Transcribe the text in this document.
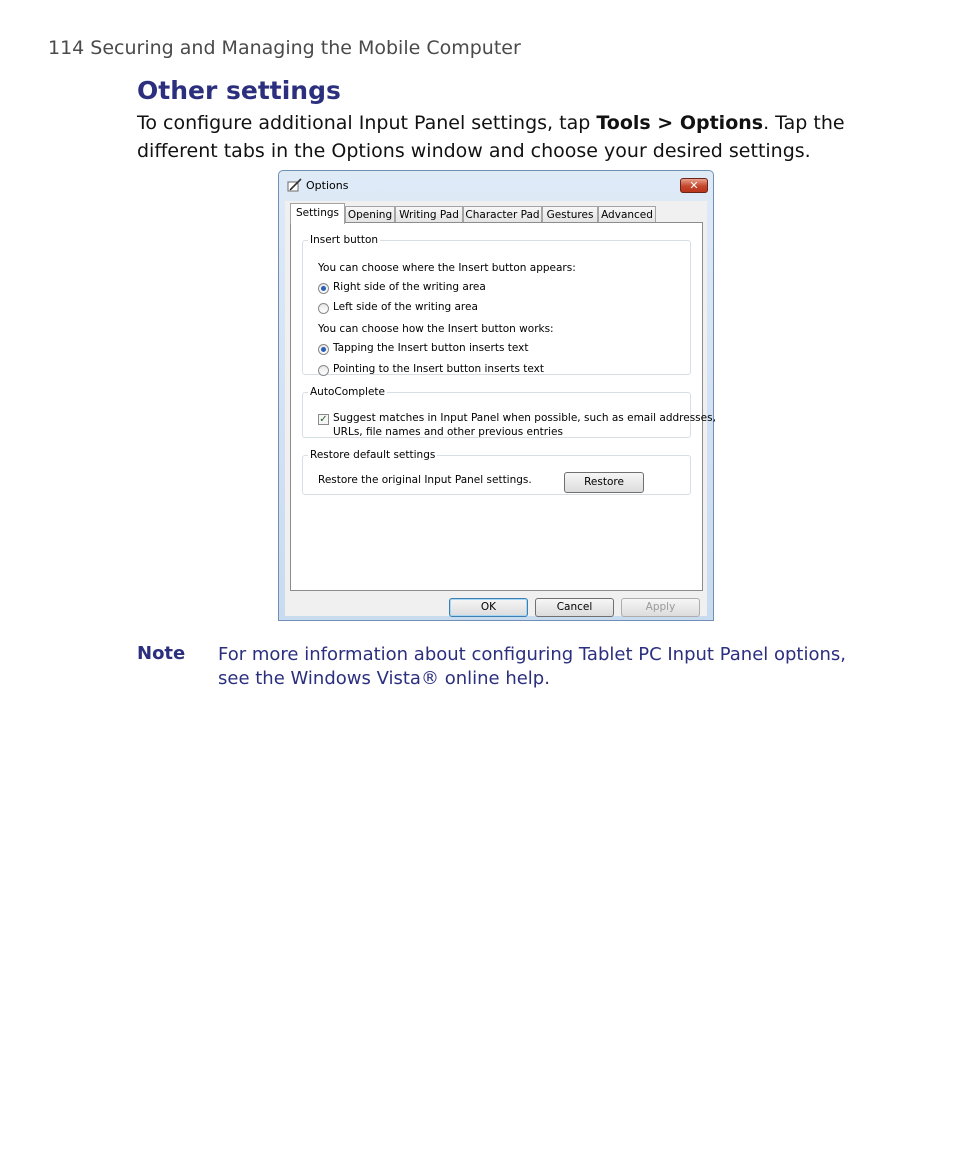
114 Securing and Managing the Mobile Computer
Other settings

To configure additional Input Panel settings, tap Tools > Options. Tap the different tabs in the Options window and choose your desired settings.

Options	✕
Settings Opening Writing Pad Character Pad Gestures Advanced
Insert button
You can choose where the Insert button appears:
Right side of the writing area
Left side of the writing area
You can choose how the Insert button works:
Tapping the Insert button inserts text
Pointing to the Insert button inserts text
AutoComplete
✓ Suggest matches in Input Panel when possible, such as email addresses,
URLs, file names and other previous entries
Restore default settings
Restore the original Input Panel settings.	Restore
OK	Cancel	Apply
Note For more information about configuring Tablet PC Input Panel options, see the Windows Vista® online help.
